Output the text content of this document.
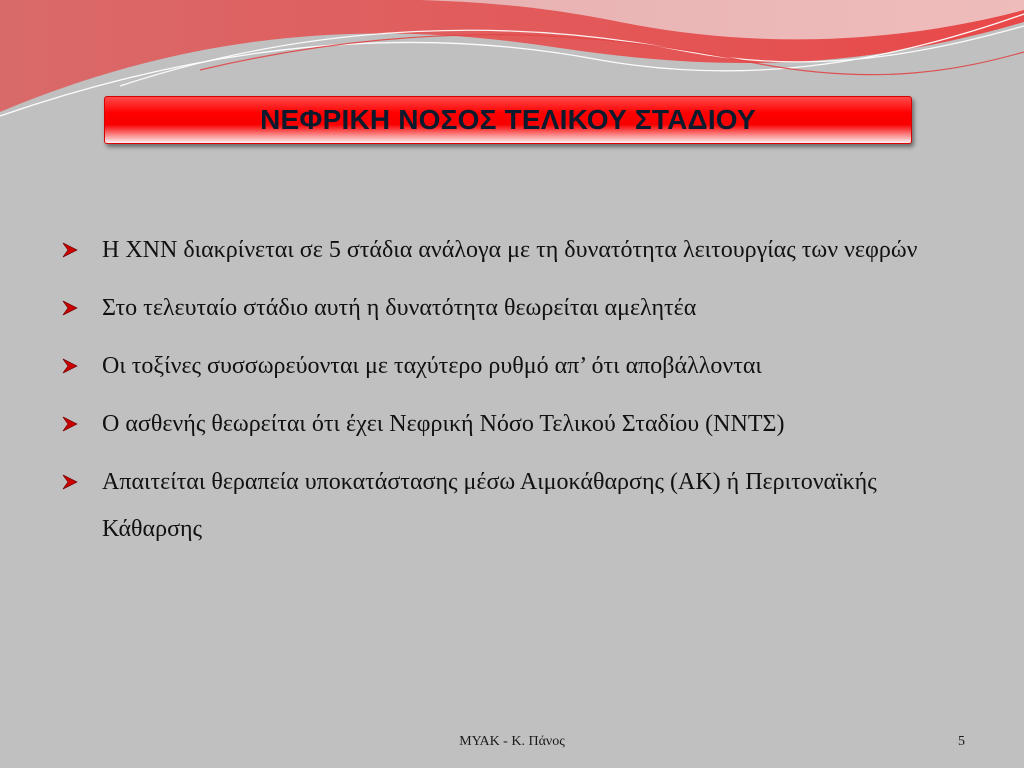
ΝΕΦΡΙΚΗ ΝΟΣΟΣ ΤΕΛΙΚΟΥ ΣΤΑΔΙΟΥ
Η ΧΝΝ διακρίνεται σε 5 στάδια ανάλογα με τη δυνατότητα λειτουργίας των νεφρών
Στο τελευταίο στάδιο αυτή η δυνατότητα θεωρείται αμελητέα
Οι τοξίνες συσσωρεύονται με ταχύτερο ρυθμό απ’ ότι αποβάλλονται
Ο ασθενής θεωρείται ότι έχει Νεφρική Νόσο Τελικού Σταδίου (ΝΝΤΣ)
Απαιτείται θεραπεία υποκατάστασης μέσω Αιμοκάθαρσης (ΑΚ) ή Περιτοναϊκής Κάθαρσης
ΜΥΑΚ - Κ. Πάνος	5
